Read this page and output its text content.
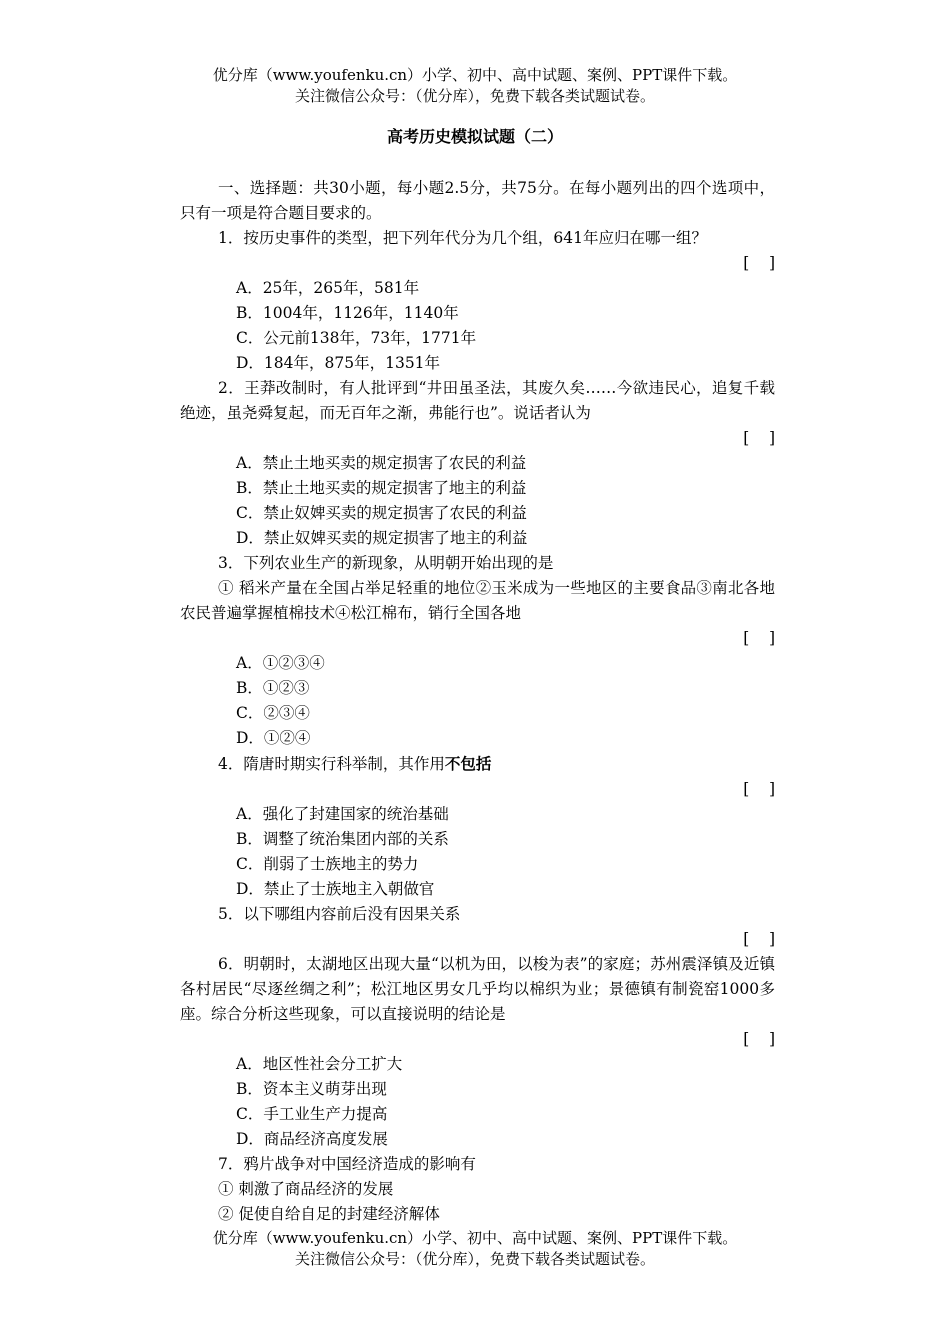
优分库（www.youfenku.cn）小学、初中、高中试题、案例、PPT课件下载。
关注微信公众号：（优分库），免费下载各类试题试卷。
高考历史模拟试题（二）

一、选择题：共30小题，每小题2.5分，共75分。在每小题列出的四个选项中，只有一项是符合题目要求的。

1．按历史事件的类型，把下列年代分为几个组，641年应归在哪一组？

[    ]

A．25年，265年，581年

B．1004年，1126年，1140年

C．公元前138年，73年，1771年

D．184年，875年，1351年

2．王莽改制时，有人批评到“井田虽圣法，其废久矣……今欲违民心，追复千载绝迹，虽尧舜复起，而无百年之渐，弗能行也”。说话者认为

[    ]

A．禁止土地买卖的规定损害了农民的利益

B．禁止土地买卖的规定损害了地主的利益

C．禁止奴婢买卖的规定损害了农民的利益

D．禁止奴婢买卖的规定损害了地主的利益

3．下列农业生产的新现象，从明朝开始出现的是

① 稻米产量在全国占举足轻重的地位②玉米成为一些地区的主要食品③南北各地农民普遍掌握植棉技术④松江棉布，销行全国各地

[    ]

A．①②③④

B．①②③

C．②③④

D．①②④

4．隋唐时期实行科举制，其作用不包括

[    ]

A．强化了封建国家的统治基础

B．调整了统治集团内部的关系

C．削弱了士族地主的势力

D．禁止了士族地主入朝做官

5．以下哪组内容前后没有因果关系

[    ]

6．明朝时，太湖地区出现大量“以机为田，以梭为表”的家庭；苏州震泽镇及近镇各村居民“尽逐丝绸之利”；松江地区男女几乎均以棉织为业；景德镇有制瓷窑1000多座。综合分析这些现象，可以直接说明的结论是

[    ]

A．地区性社会分工扩大

B．资本主义萌芽出现

C．手工业生产力提高

D．商品经济高度发展

7．鸦片战争对中国经济造成的影响有

① 刺激了商品经济的发展

② 促使自给自足的封建经济解体

优分库（www.youfenku.cn）小学、初中、高中试题、案例、PPT课件下载。
关注微信公众号：（优分库），免费下载各类试题试卷。
